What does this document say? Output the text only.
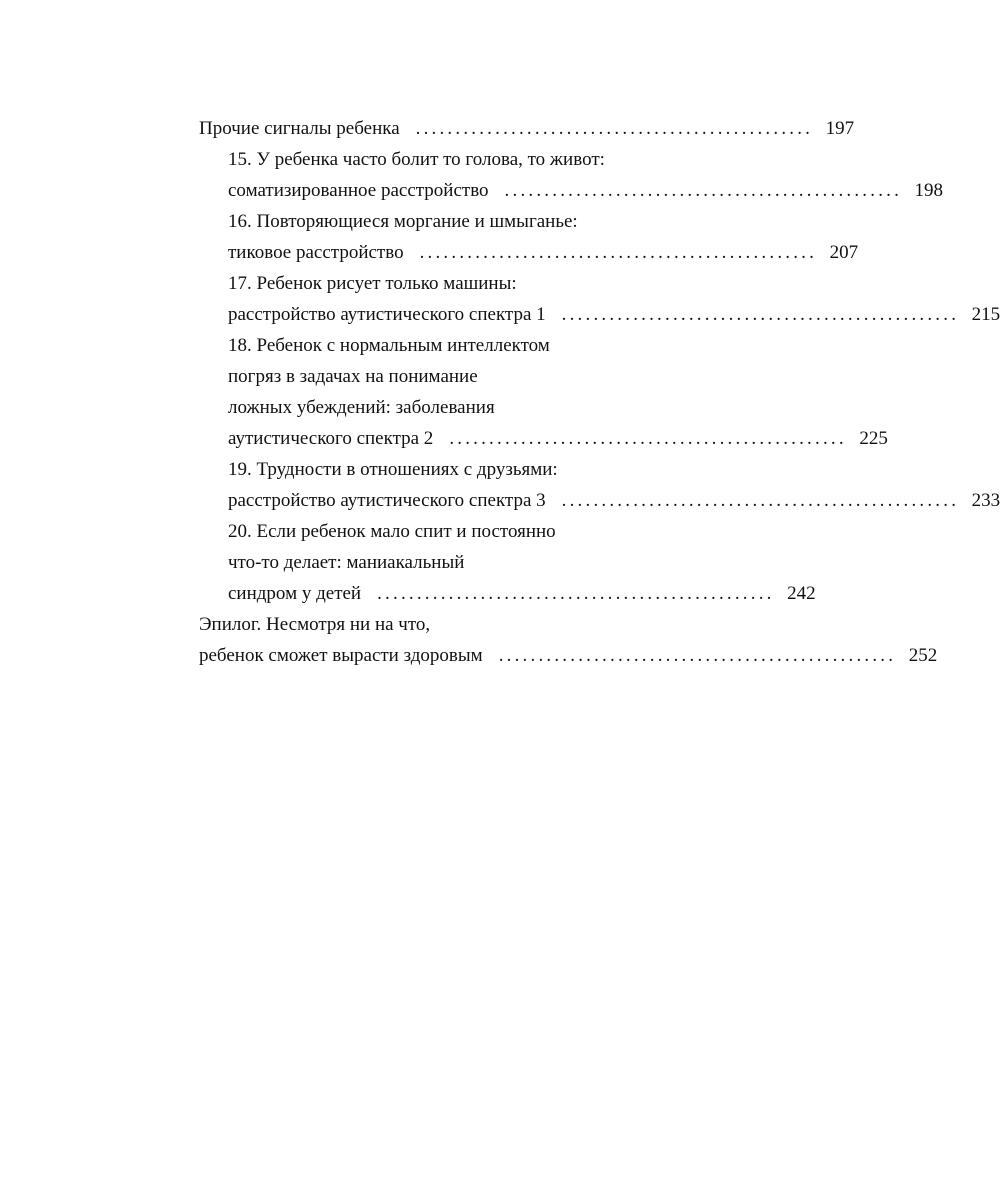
Прочие сигналы ребенка .................................................. 197
15. У ребенка часто болит то голова, то живот:
соматизированное расстройство .................................................. 198
16. Повторяющиеся моргание и шмыганье:
тиковое расстройство .................................................. 207
17. Ребенок рисует только машины:
расстройство аутистического спектра 1 .................................................. 215
18. Ребенок с нормальным интеллектом
погряз в задачах на понимание
ложных убеждений: заболевания
аутистического спектра 2 .................................................. 225
19. Трудности в отношениях с друзьями:
расстройство аутистического спектра 3 .................................................. 233
20. Если ребенок мало спит и постоянно
что-то делает: маниакальный
синдром у детей .................................................. 242
Эпилог. Несмотря ни на что,
ребенок сможет вырасти здоровым .................................................. 252
